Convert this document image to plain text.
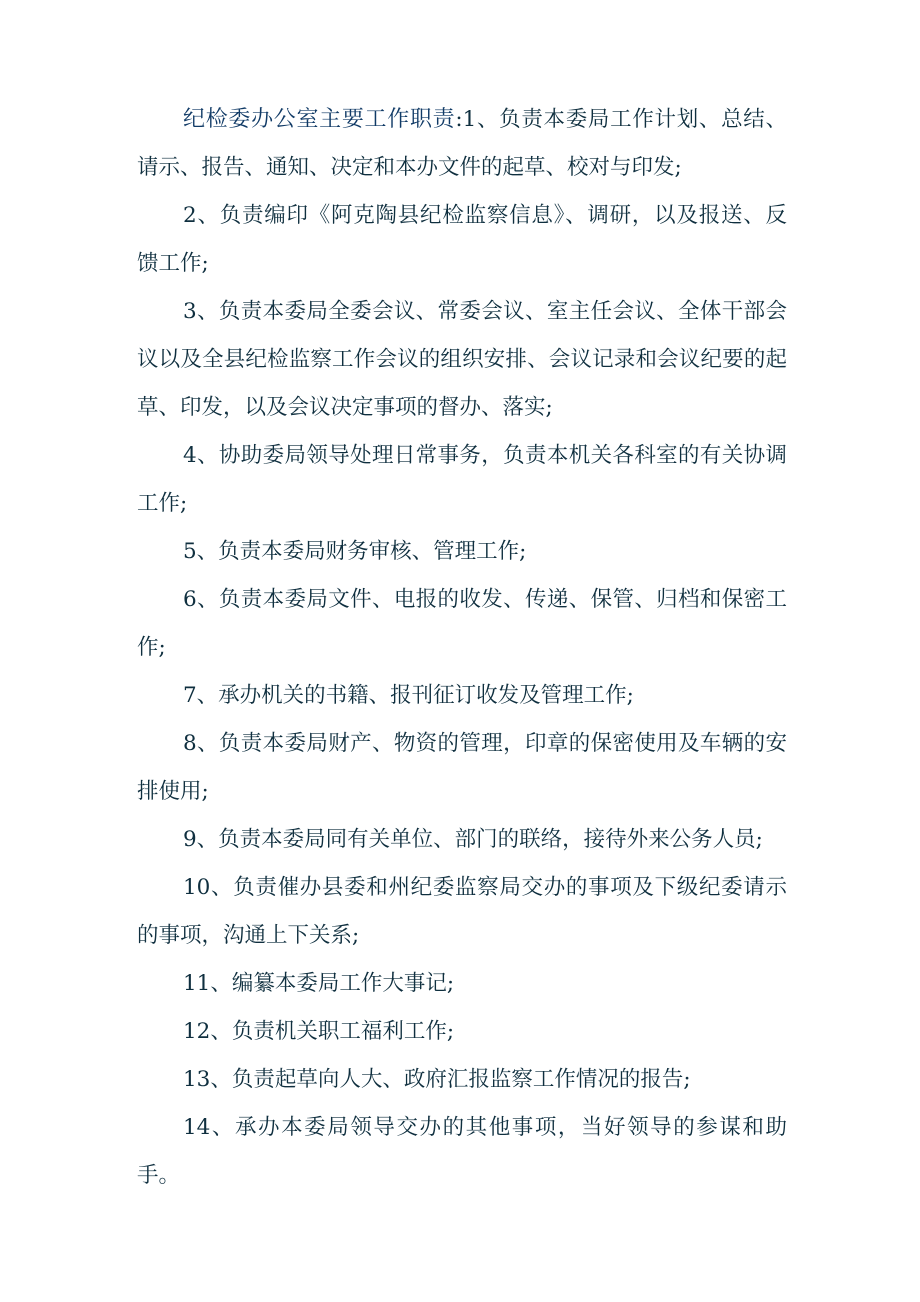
纪检委办公室主要工作职责:1、负责本委局工作计划、总结、请示、报告、通知、决定和本办文件的起草、校对与印发;

2、负责编印《阿克陶县纪检监察信息》、调研，以及报送、反馈工作;

3、负责本委局全委会议、常委会议、室主任会议、全体干部会议以及全县纪检监察工作会议的组织安排、会议记录和会议纪要的起草、印发，以及会议决定事项的督办、落实;

4、协助委局领导处理日常事务，负责本机关各科室的有关协调工作;

5、负责本委局财务审核、管理工作;

6、负责本委局文件、电报的收发、传递、保管、归档和保密工作;

7、承办机关的书籍、报刊征订收发及管理工作;

8、负责本委局财产、物资的管理，印章的保密使用及车辆的安排使用;

9、负责本委局同有关单位、部门的联络，接待外来公务人员;

10、负责催办县委和州纪委监察局交办的事项及下级纪委请示的事项，沟通上下关系;

11、编纂本委局工作大事记;

12、负责机关职工福利工作;

13、负责起草向人大、政府汇报监察工作情况的报告;

14、承办本委局领导交办的其他事项，当好领导的参谋和助手。
